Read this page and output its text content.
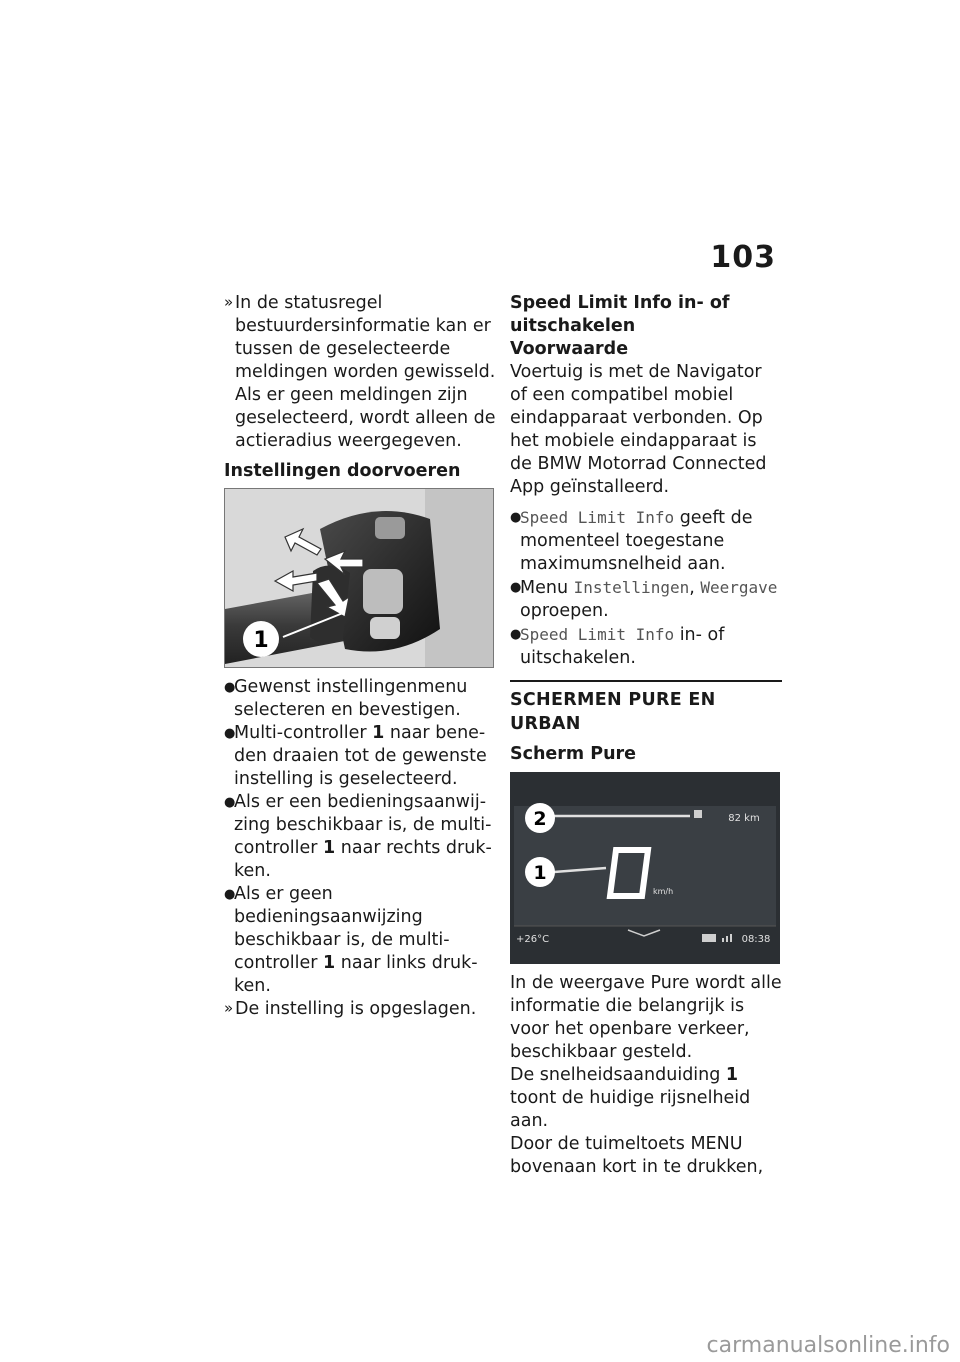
103
» In de statusregel bestuurdersinformatie kan er tussen de geselecteerde meldingen worden gewisseld. Als er geen meldingen zijn geselecteerd, wordt alleen de actieradius weergegeven.
Instellingen doorvoeren
1
●
Gewenst instellingenmenu selecteren en bevestigen.
●
Multi-controller 1 naar beneden draaien tot de gewenste instelling is geselecteerd.
●
Als er een bedieningsaanwijzing beschikbaar is, de multi-controller 1 naar rechts drukken.
●
Als er geen bedieningsaanwijzing beschikbaar is, de multi-controller 1 naar links drukken.
» De instelling is opgeslagen.
Speed Limit Info in- of uitschakelen
Voorwaarde

Voertuig is met de Navigator of een compatibel mobiel eindapparaat verbonden. Op het mobiele eindapparaat is de BMW Motorrad Connected App geïnstalleerd.

●
Speed Limit Info geeft de momenteel toegestane maximumsnelheid aan.
●
Menu Instellingen, Weergave oproepen.
●
Speed Limit Info in- of uitschakelen.
SCHERMEN PURE EN URBAN
Scherm Pure
82 km
2
1
km/h
+26°C	08:38

In de weergave Pure wordt alle informatie die belangrijk is voor het openbare verkeer, beschikbaar gesteld.

De snelheidsaanduiding 1 toont de huidige rijsnelheid aan.

Door de tuimeltoets MENU bovenaan kort in te drukken,

carmanualsonline.info
